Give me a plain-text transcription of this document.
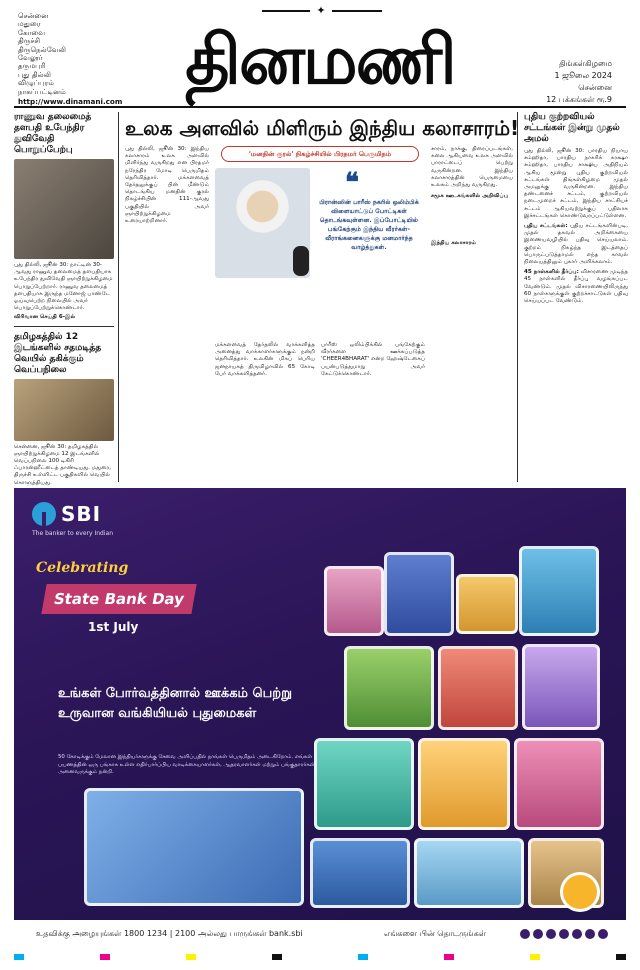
சென்னை
மதுரை
கோவை
திருச்சி
திருநெல்வேலி
வேலூர்
தருமபுரி
புது தில்லி
விழுப்புரம்
நாகப்பட்டினம்
http://www.dinamani.com
✦
தினமணி	திங்கள்கிழமை
1 ஜூலை 2024
சென்னை
12 பக்கங்கள் ரூ.9
ராணுவ தலைமைத் தளபதி உபேந்திர துவிவேதி பொறுப்பேற்பு

புது தில்லி, ஜூன் 30: நாட்டின் 30-ஆவது ராணுவ தலைமைத் தளபதியாக உபேந்திர துவிவேதி ஞாயிற்றுக்கிழமை பொறுப்பேற்றார். ராணுவ தலைமைத் தளபதியாக இருந்த மனோஜ் பாண்டே ஓய்வுபெற்ற நிலையில் அவர் பொறுப்பேற்றுக்கொண்டார்.

விரிவான செய்தி 6-இல்

தமிழகத்தில் 12 இடங்களில் சதமடித்த வெயில் தகிக்கும் வெப்பநிலை

சென்னை, ஜூன் 30: தமிழகத்தில் ஞாயிற்றுக்கிழமை 12 இடங்களில் வெப்பநிலை 100 டிகிரி ஃபாரன்ஹீட்டைத் தாண்டியது. மதுரை, திருச்சி உள்ளிட்ட பகுதிகளில் வெயில் கொளுத்தியது.

உலக அளவில் மிளிரும் இந்திய கலாசாரம்!
புது தில்லி, ஜூன் 30: இந்திய கலாசாரம் உலக அளவில் மிளிர்ந்து வருகிறது என பிரதமர் நரேந்திர மோடி பெருமிதம் தெரிவித்தார். மக்களவைத் தேர்தலுக்குப் பின் மீண்டும் தொடங்கிய மனதின் குரல் நிகழ்ச்சியின் 111-ஆவது பகுதியில் அவர் ஞாயிற்றுக்கிழமை உரையாற்றினார்.
'மனதின் குரல்' நிகழ்ச்சியில் பிரதமர் பெருமிதம்
❝
பிரான்ஸின் பாரீஸ் நகரில் ஒலிம்பிக் விளையாட்டுப் போட்டிகள் தொடங்கவுள்ளன. இப்போட்டியில் பங்கேற்கும் இந்திய வீரர்கள்-வீராங்கனைகளுக்கு மனமார்ந்த வாழ்த்துகள்.
மக்களவைத் தேர்தலில் வாக்களித்த அனைத்து வாக்காளர்களுக்கும் நன்றி தெரிவித்தார். உலகின் மிகப் பெரிய ஜனநாயகத் திருவிழாவில் 65 கோடி பேர் வாக்களித்தனர்.
பாரீஸ் ஒலிம்பிக்கில் பங்கேற்கும் வீரர்களை ஊக்கப்படுத்த 'CHEER4BHARAT' என்ற ஹேஷ்டேகைப் பயன்படுத்துமாறு அவர் கேட்டுக்கொண்டார்.

சாரம், நாக்கு, திரைப்படங்கள், கலை ஆகியவை உலக அளவில் பாராட்டைப் பெற்று வருகின்றன. இந்திய கலாசாரத்தின் பெருமையை உலகம் அறிந்து வருகிறது.

சமூக ஊடகங்களில் அறிவிப்பு

இந்திய கலாசாரம்

புதிய குற்றவியல் சட்டங்கள் இன்று முதல் அமல்

புது தில்லி, ஜூன் 30: பாரதிய நியாய சம்ஹிதா, பாரதிய நாகரிக் சுரக்ஷா சம்ஹிதா, பாரதிய சாக்ஷிய அதிநியம் ஆகிய மூன்று புதிய குற்றவியல் சட்டங்கள் திங்கள்கிழமை முதல் அமலுக்கு வருகின்றன. இந்திய தண்டனைச் சட்டம், குற்றவியல் நடைமுறைச் சட்டம், இந்திய சாட்சியச் சட்டம் ஆகியவற்றுக்குப் பதிலாக இச்சட்டங்கள் கொண்டுவரப்பட்டுள்ளன.

புதிய சட்டங்கள்: புதிய சட்டங்களின்படி, முதல் தகவல் அறிக்கையை இணையவழியில் பதிவு செய்யலாம். குற்றம் நிகழ்ந்த இடத்தைப் பொருட்படுத்தாமல் எந்த காவல் நிலையத்திலும் புகார் அளிக்கலாம்.

45 நாள்களில் தீர்ப்பு: விசாரணை முடிந்த 45 நாள்களில் தீர்ப்பு வழங்கப்பட வேண்டும். முதல் விசாரணையிலிருந்து 60 நாள்களுக்குள் குற்றச்சாட்டுகள் பதிவு செய்யப்பட வேண்டும்.

SBI
The banker to every Indian
Celebrating
State Bank Day
1st July
உங்கள் போர்வத்தினால் ஊக்கம் பெற்று உருவான வங்கியியல் புதுமைகள்
50 கோடிக்கும் மேலான இந்தியர்களுக்கு சேவை அளிப்பதில் நாங்கள் பெருமிதம் அடைகிறோம். எங்கள் பயணத்தின் ஒரு பங்காக உள்ள எதிர்பார்ப்பிய வாடிக்கையாளர்கள், ஆதரவாளர்கள் மற்றும் பங்குதாரர்கள் அனைவருக்கும் நன்றி.
உதவிக்கு அழையுங்கள் 1800 1234 | 2100 அல்லது பாருங்கள் bank.sbi	எங்களை பின் தொடருங்கள்
